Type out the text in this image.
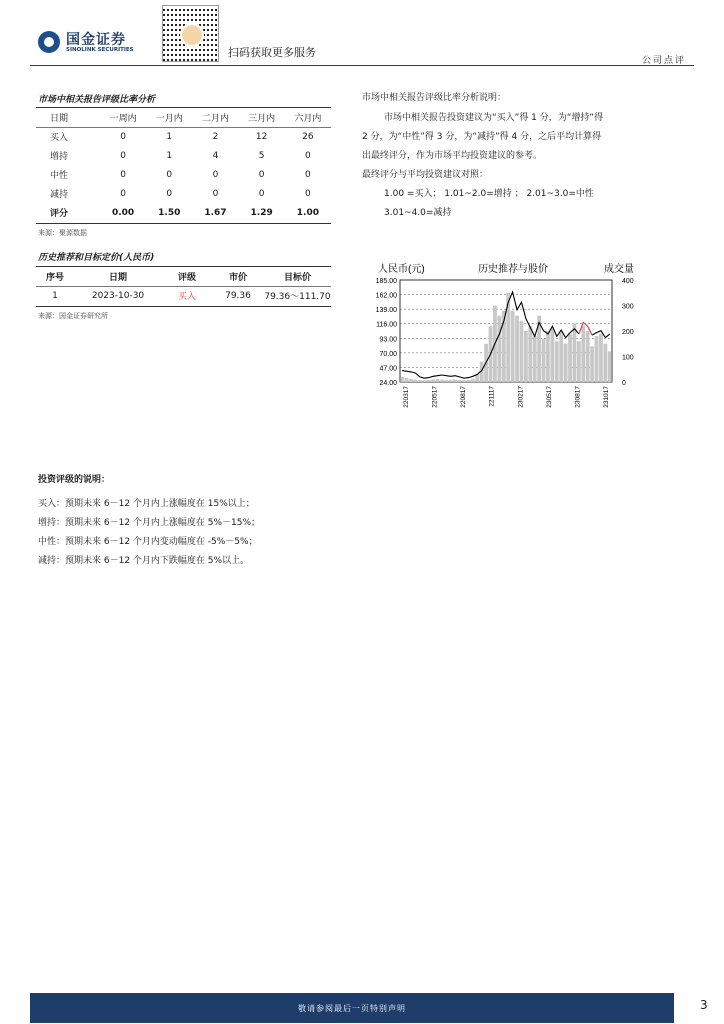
国金证券
SINOLINK SECURITIES	扫码获取更多服务
公司点评
市场中相关报告评级比率分析
日期	一周内	一月内	二月内	三月内	六月内
买入	0	1	2	12	26
增持	0	1	4	5	0
中性	0	0	0	0	0
减持	0	0	0	0	0
评分	0.00	1.50	1.67	1.29	1.00
来源：聚源数据
市场中相关报告评级比率分析说明：
市场中相关报告投资建议为“买入”得 1 分，为“增持”得
2 分，为“中性”得 3 分，为“减持”得 4 分，之后平均计算得
出最终评分，作为市场平均投资建议的参考。
最终评分与平均投资建议对照：
1.00 =买入； 1.01~2.0=增持 ； 2.01~3.0=中性
3.01~4.0=减持
历史推荐和目标定价(人民币)
序号	日期	评级	市价	目标价
1	2023-10-30	买入	79.36	79.36～111.70
来源：国金证券研究所
人民币(元)	历史推荐与股价	成交量
185.00
162.00
139.00
116.00
93.00
70.00
47.00
24.00
400
300
200
100
0
220317	220517	220817	221117	230217	230517	230817	231017
投资评级的说明：
买入：预期未来 6－12 个月内上涨幅度在 15%以上；
增持：预期未来 6－12 个月内上涨幅度在 5%－15%；
中性：预期未来 6－12 个月内变动幅度在 -5%－5%；
减持：预期未来 6－12 个月内下跌幅度在 5%以上。
敬请参阅最后一页特别声明	3
